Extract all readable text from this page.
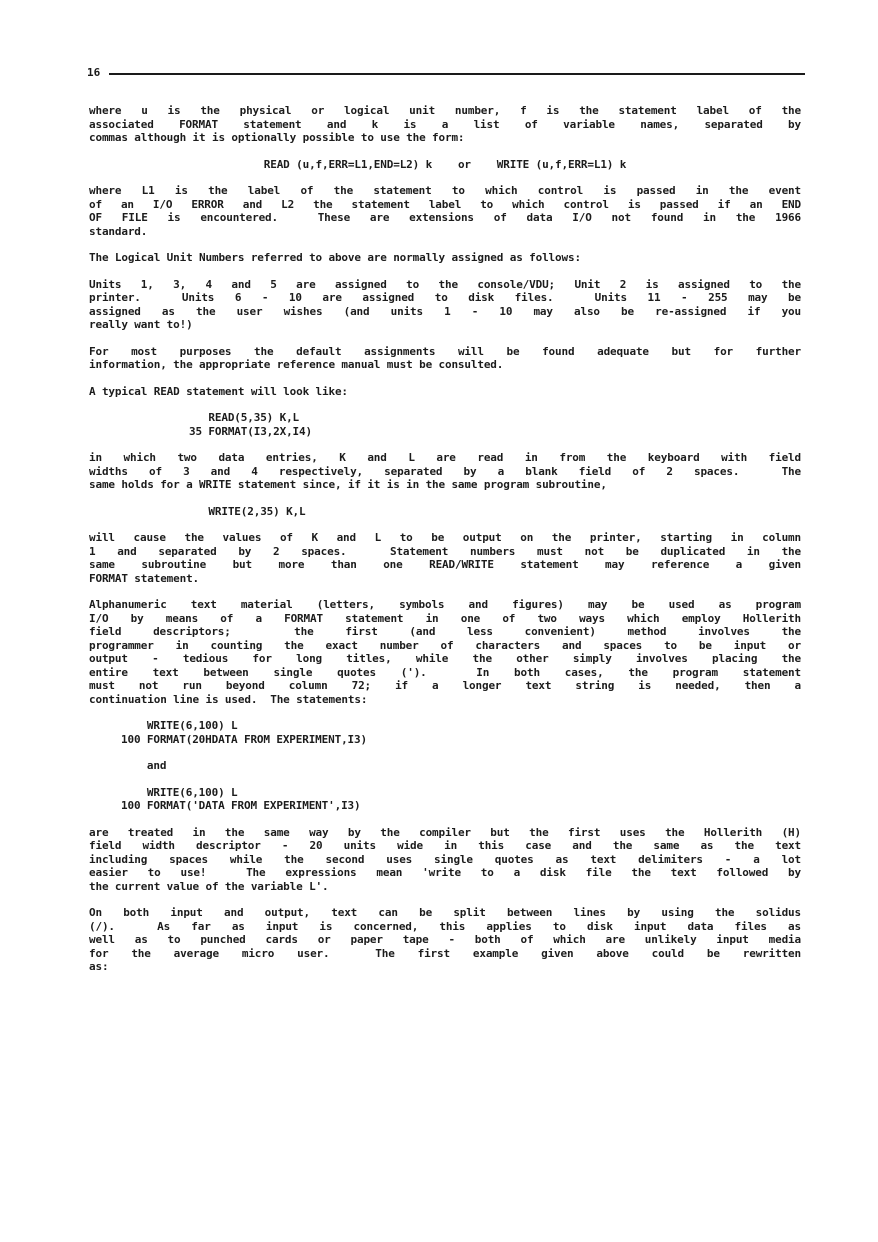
16
where u is the physical or logical unit number, f is the statement label of the
associated FORMAT statement and k is a list of variable names, separated by
commas although it is optionally possible to use the form:
READ (u,f,ERR=L1,END=L2) k    or    WRITE (u,f,ERR=L1) k
where L1 is the label of the statement to which control is passed in the event
of an I/O ERROR and L2 the statement label to which control is passed if an END
OF FILE is encountered.  These are extensions of data I/O not found in the 1966
standard.
The Logical Unit Numbers referred to above are normally assigned as follows:
Units 1, 3, 4 and 5 are assigned to the console/VDU; Unit 2 is assigned to the
printer.  Units 6 - 10 are assigned to disk files.  Units 11 - 255 may be
assigned as the user wishes (and units 1 - 10 may also be re-assigned if you
really want to!)
For most purposes the default assignments will be found adequate but for further
information, the appropriate reference manual must be consulted.
A typical READ statement will look like:
READ(5,35) K,L
35 FORMAT(I3,2X,I4)
in which two data entries, K and L are read in from the keyboard with field
widths of 3 and 4 respectively, separated by a blank field of 2 spaces.  The
same holds for a WRITE statement since, if it is in the same program subroutine,
WRITE(2,35) K,L
will cause the values of K and L to be output on the printer, starting in column
1 and separated by 2 spaces.  Statement numbers must not be duplicated in the
same subroutine but more than one READ/WRITE statement may reference a given
FORMAT statement.
Alphanumeric text material (letters, symbols and figures) may be used as program
I/O by means of a FORMAT statement in one of two ways which employ Hollerith
field descriptors;  the first (and less convenient) method involves the
programmer in counting the exact number of characters and spaces to be input or
output - tedious for long titles, while the other simply involves placing the
entire text between single quotes (').  In both cases, the program statement
must not run beyond column 72; if a longer text string is needed, then a
continuation line is used.  The statements:
WRITE(6,100) L
100 FORMAT(20HDATA FROM EXPERIMENT,I3)
and
WRITE(6,100) L
100 FORMAT('DATA FROM EXPERIMENT',I3)
are treated in the same way by the compiler but the first uses the Hollerith (H)
field width descriptor - 20 units wide in this case and the same as the text
including spaces while the second uses single quotes as text delimiters - a lot
easier to use!  The expressions mean 'write to a disk file the text followed by
the current value of the variable L'.
On both input and output, text can be split between lines by using the solidus
(/).  As far as input is concerned, this applies to disk input data files as
well as to punched cards or paper tape - both of which are unlikely input media
for the average micro user.  The first example given above could be rewritten
as:
